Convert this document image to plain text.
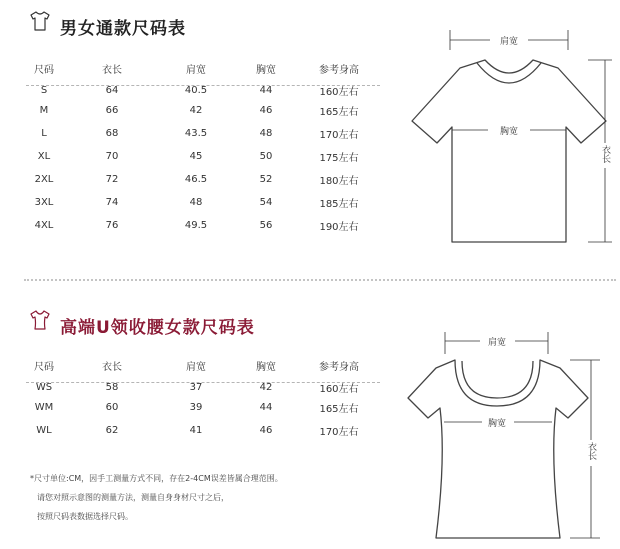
男女通款尺码表
尺码	衣长	肩宽	胸宽	参考身高
S	64	40.5	44	160左右
M	66	42	46	165左右
L	68	43.5	48	170左右
XL	70	45	50	175左右
2XL	72	46.5	52	180左右
3XL	74	48	54	185左右
4XL	76	49.5	56	190左右
肩宽
胸宽
衣长
高端U领收腰女款尺码表
尺码	衣长	肩宽	胸宽	参考身高
WS	58	37	42	160左右
WM	60	39	44	165左右
WL	62	41	46	170左右
*尺寸单位:CM，因手工测量方式不同，存在2-4CM误差皆属合理范围。
请您对照示意图的测量方法，测量自身身材尺寸之后，
按照尺码表数据选择尺码。
肩宽
胸宽
衣长
